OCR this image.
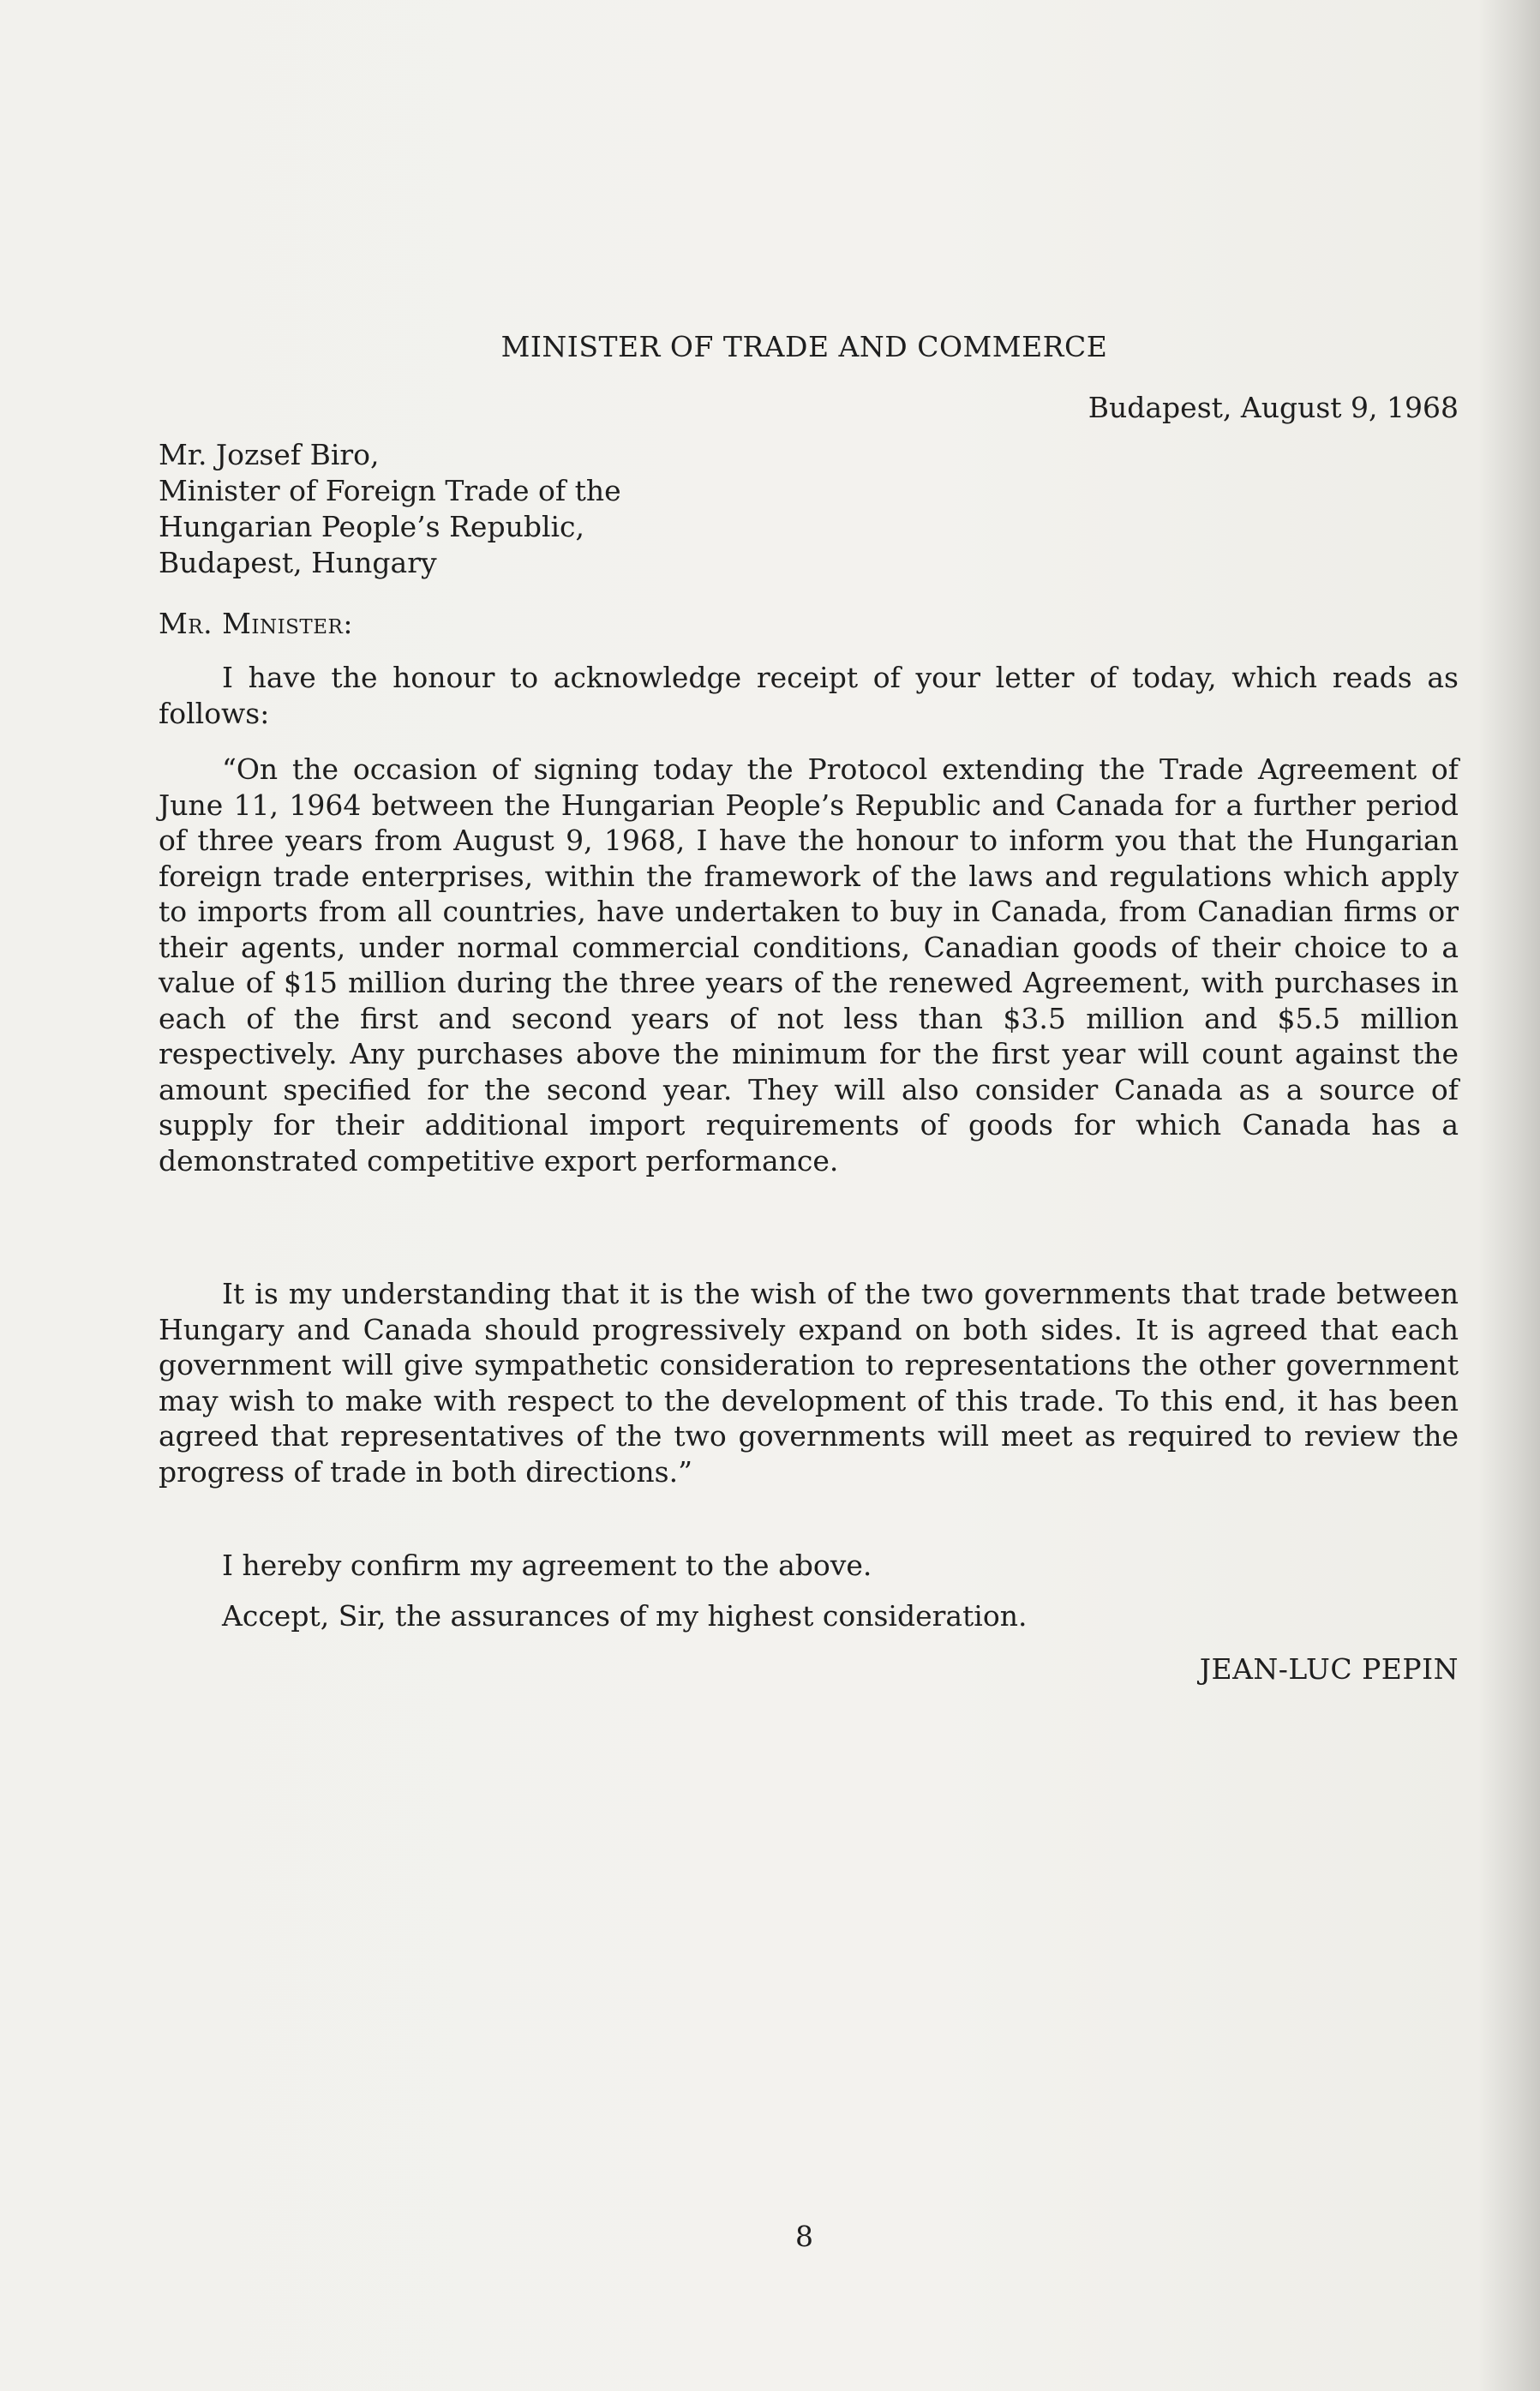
MINISTER OF TRADE AND COMMERCE
Budapest, August 9, 1968
Mr. Jozsef Biro,
Minister of Foreign Trade of the
Hungarian People’s Republic,
Budapest, Hungary
Mr. Minister:
I have the honour to acknowledge receipt of your letter of today, which reads as follows:
“On the occasion of signing today the Protocol extending the Trade Agreement of June 11, 1964 between the Hungarian People’s Republic and Canada for a further period of three years from August 9, 1968, I have the honour to inform you that the Hungarian foreign trade enterprises, within the framework of the laws and regulations which apply to imports from all countries, have undertaken to buy in Canada, from Canadian firms or their agents, under normal commercial conditions, Canadian goods of their choice to a value of $15 million during the three years of the renewed Agreement, with purchases in each of the first and second years of not less than $3.5 million and $5.5 million respectively. Any purchases above the minimum for the first year will count against the amount specified for the second year. They will also consider Canada as a source of supply for their additional import requirements of goods for which Canada has a demonstrated competitive export performance.
It is my understanding that it is the wish of the two governments that trade between Hungary and Canada should progressively expand on both sides. It is agreed that each government will give sympathetic consideration to representations the other government may wish to make with respect to the development of this trade. To this end, it has been agreed that representatives of the two governments will meet as required to review the progress of trade in both directions.”
I hereby confirm my agreement to the above.
Accept, Sir, the assurances of my highest consideration.
JEAN-LUC PEPIN
8
